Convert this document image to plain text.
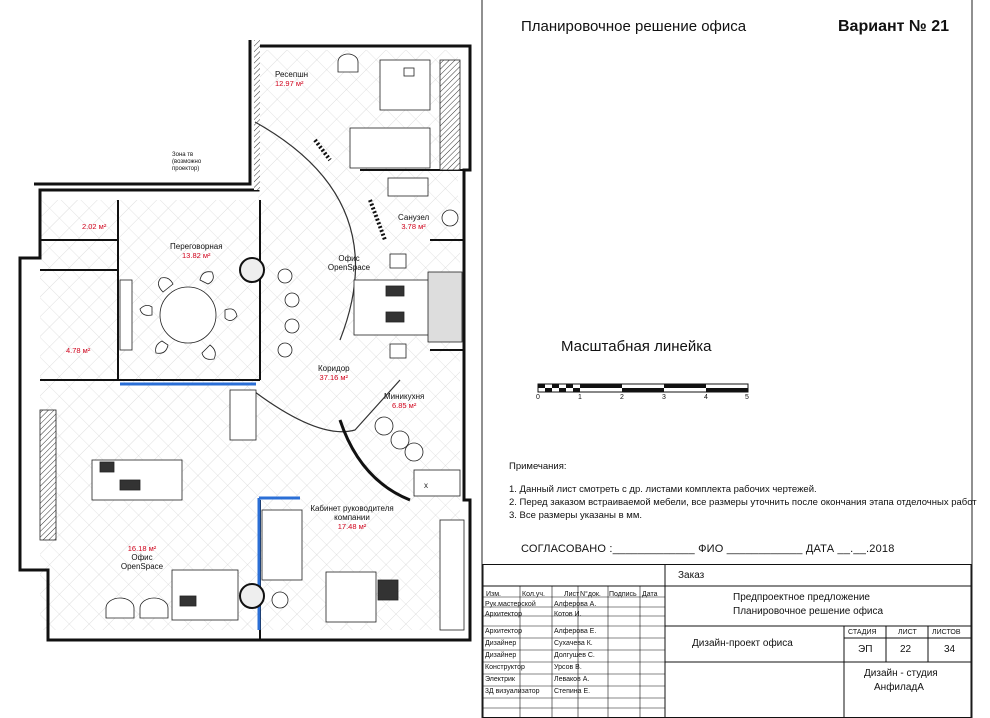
x
Ресепшн
12.97 м²
2.02 м²
Переговорная
13.82 м²
Санузел
3.78 м²
Офис OpenSpace
4.78 м²
Коридор
37.16 м²
Миникухня
6.85 м²
Кабинет руководителя компании
17.48 м²
16.18 м²
Офис OpenSpace
Зона тв (возможно проектор)
Планировочное решение офиса	Вариант № 21
Масштабная линейка
0	1	2	3	4	5
Примечания:
1. Данный лист смотреть с др. листами комплекта рабочих чертежей.
2. Перед заказом встраиваемой мебели, все размеры уточнить после окончания этапа отделочных работ
3. Все размеры указаны в мм.
СОГЛАСОВАНО :_____________ ФИО ____________ ДАТА __.__.2018
Заказ
Изм.	Кол.уч.	Лист N°док. Подпись Дата
Рук.мастерской	Алферова А.
Архитектор	Котов И.
Архитектор	Алферова Е.
Дизайнер	Сухачева К.
Дизайнер	Долгушев С.
Конструктор	Урсов В.
Электрик	Леваков А.
3Д визуализатор Степина Е.
Предпроектное предложение
Планировочное решение офиса
Дизайн-проект офиса
СТАДИЯ	ЛИСТ ЛИСТОВ
ЭП	22	34
Дизайн - студия
АнфиладА
